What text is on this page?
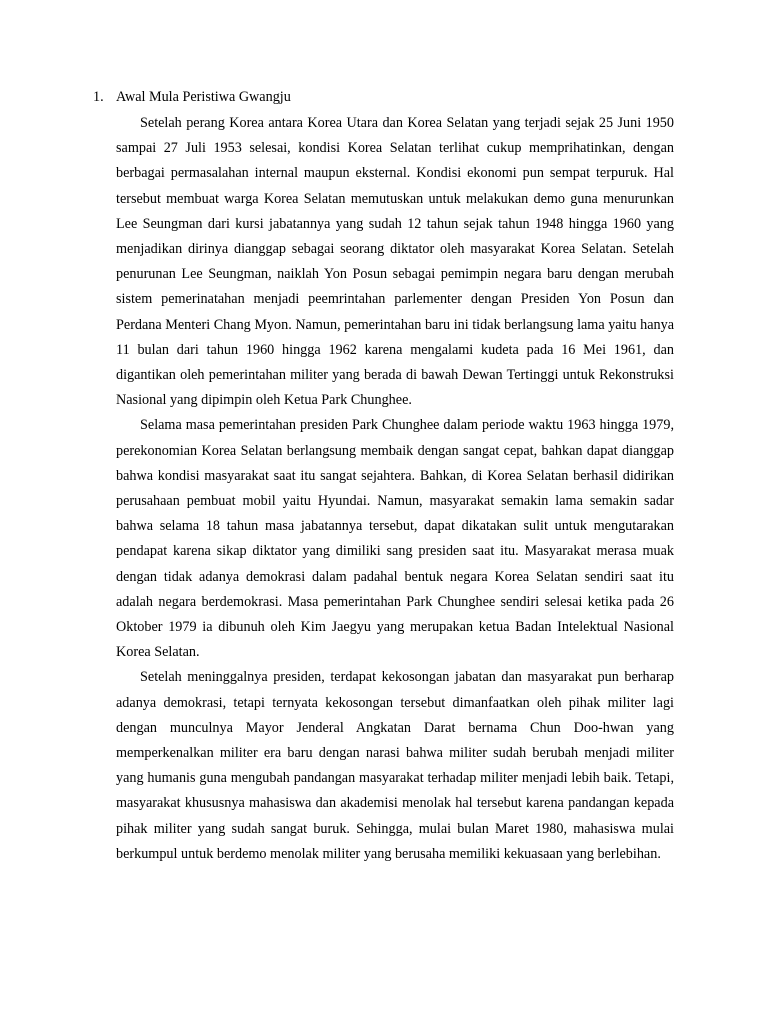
1. Awal Mula Peristiwa Gwangju

Setelah perang Korea antara Korea Utara dan Korea Selatan yang terjadi sejak 25 Juni 1950 sampai 27 Juli 1953 selesai, kondisi Korea Selatan terlihat cukup memprihatinkan, dengan berbagai permasalahan internal maupun eksternal. Kondisi ekonomi pun sempat terpuruk. Hal tersebut membuat warga Korea Selatan memutuskan untuk melakukan demo guna menurunkan Lee Seungman dari kursi jabatannya yang sudah 12 tahun sejak tahun 1948 hingga 1960 yang menjadikan dirinya dianggap sebagai seorang diktator oleh masyarakat Korea Selatan. Setelah penurunan Lee Seungman, naiklah Yon Posun sebagai pemimpin negara baru dengan merubah sistem pemerinatahan menjadi peemrintahan parlementer dengan Presiden Yon Posun dan Perdana Menteri Chang Myon. Namun, pemerintahan baru ini tidak berlangsung lama yaitu hanya 11 bulan dari tahun 1960 hingga 1962 karena mengalami kudeta pada 16 Mei 1961, dan digantikan oleh pemerintahan militer yang berada di bawah Dewan Tertinggi untuk Rekonstruksi Nasional yang dipimpin oleh Ketua Park Chunghee.

Selama masa pemerintahan presiden Park Chunghee dalam periode waktu 1963 hingga 1979, perekonomian Korea Selatan berlangsung membaik dengan sangat cepat, bahkan dapat dianggap bahwa kondisi masyarakat saat itu sangat sejahtera. Bahkan, di Korea Selatan berhasil didirikan perusahaan pembuat mobil yaitu Hyundai. Namun, masyarakat semakin lama semakin sadar bahwa selama 18 tahun masa jabatannya tersebut, dapat dikatakan sulit untuk mengutarakan pendapat karena sikap diktator yang dimiliki sang presiden saat itu. Masyarakat merasa muak dengan tidak adanya demokrasi dalam padahal bentuk negara Korea Selatan sendiri saat itu adalah negara berdemokrasi. Masa pemerintahan Park Chunghee sendiri selesai ketika pada 26 Oktober 1979 ia dibunuh oleh Kim Jaegyu yang merupakan ketua Badan Intelektual Nasional Korea Selatan.

Setelah meninggalnya presiden, terdapat kekosongan jabatan dan masyarakat pun berharap adanya demokrasi, tetapi ternyata kekosongan tersebut dimanfaatkan oleh pihak militer lagi dengan munculnya Mayor Jenderal Angkatan Darat bernama Chun Doo-hwan yang memperkenalkan militer era baru dengan narasi bahwa militer sudah berubah menjadi militer yang humanis guna mengubah pandangan masyarakat terhadap militer menjadi lebih baik. Tetapi, masyarakat khususnya mahasiswa dan akademisi menolak hal tersebut karena pandangan kepada pihak militer yang sudah sangat buruk. Sehingga, mulai bulan Maret 1980, mahasiswa mulai berkumpul untuk berdemo menolak militer yang berusaha memiliki kekuasaan yang berlebihan.
